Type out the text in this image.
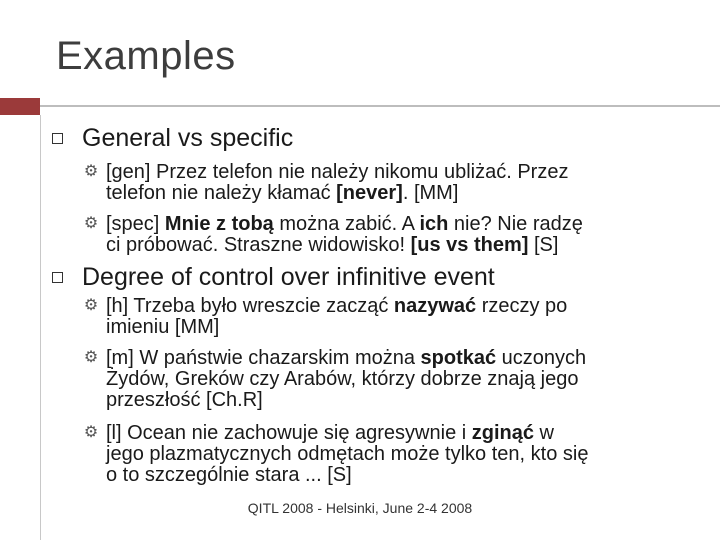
Examples
General vs specific
⚙ [gen] Przez telefon nie należy nikomu ubliżać. Przez
telefon nie należy kłamać [never]. [MM]
⚙ [spec] Mnie z tobą można zabić. A ich nie? Nie radzę
ci próbować. Straszne widowisko! [us vs them] [S]
Degree of control over infinitive event
⚙ [h] Trzeba było wreszcie zacząć nazywać rzeczy po
imieniu [MM]
⚙ [m] W państwie chazarskim można spotkać uczonych
Żydów, Greków czy Arabów, którzy dobrze znają jego
przeszłość [Ch.R]
⚙ [l] Ocean nie zachowuje się agresywnie i zginąć w
jego plazmatycznych odmętach może tylko ten, kto się
o to szczególnie stara ... [S]
QITL 2008 - Helsinki, June 2-4 2008
